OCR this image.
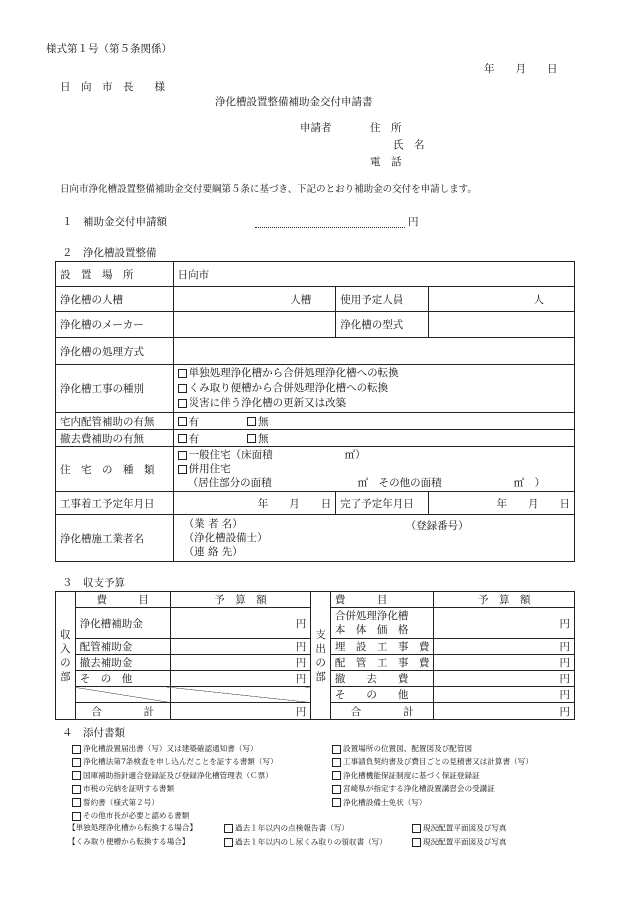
様式第１号（第５条関係）
年　　月　　日
日　向　市　長　　様
浄化槽設置整備補助金交付申請書
申請者	住　所
氏　名
電　話
日向市浄化槽設置整備補助金交付要綱第５条に基づき、下記のとおり補助金の交付を申請します。
１　補助金交付申請額	円
２　浄化槽設置整備
設　置　場　所	日向市		
浄化槽の人槽	人槽	使用予定人員	人
浄化槽のメーカー		浄化槽の型式	
浄化槽の処理方式			
浄化槽工事の種別	単独処理浄化槽から合併処理浄化槽への転換
くみ取り便槽から合併処理浄化槽への転換
災害に伴う浄化槽の更新又は改築		

宅内配管補助の有無	有 無		
撤去費補助の有無	有 無		
住　宅　の　種　類	一般住宅（床面積 ㎡）
併用住宅
（居住部分の面積 ㎡　 その他の面積 ㎡　 ）		

工事着工予定年月日	年　　月　　日	完了予定年月日	年　　月　　日
浄化槽施工業者名	（業 者 名） （登録番号）
（浄化槽設備士）
（連 絡 先）		
３　収支予算
収入の部	費　　　目	予　算　額	支出の部	費　　　目	予　算　額
	浄化槽補助金	円		合併処理浄化槽
本　体　価　格	円
	配管補助金	円		埋　設　工　事　費	円
	撤去補助金	円		配　管　工　事　費	円
	そ　の　他	円		撤　　去　　費	円
				そ　　の　　他	円
	合　　　　計	円		合　　　　計	円
４　添付書類
浄化槽設置届出書（写）又は建築確認通知書（写）
浄化槽法第7条検査を申し込んだことを証する書類（写）
国庫補助指針適合登録証及び登録浄化槽管理表（Ｃ票）
市税の完納を証明する書類
誓約書（様式第２号）
その他市長が必要と認める書類
設置場所の位置図、配置図及び配管図
工事請負契約書及び費目ごとの見積書又は計算書（写）
浄化槽機能保証制度に基づく保証登録証
宮崎県が指定する浄化槽設置講習会の受講証
浄化槽設備士免状（写）
【単独処理浄化槽から転換する場合】	過去１年以内の点検報告書（写）	現況配置平面図及び写真
【くみ取り便槽から転換する場合】	過去１年以内のし尿くみ取りの領収書（写）	現況配置平面図及び写真
